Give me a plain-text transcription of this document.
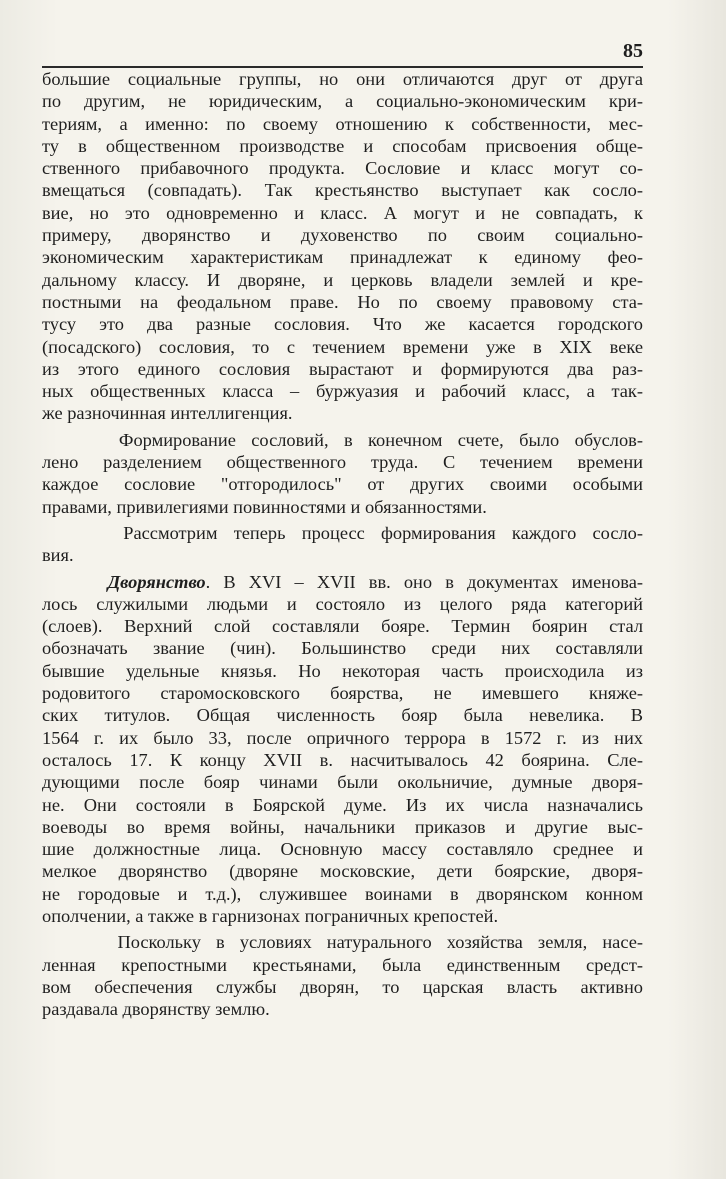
85
большие социальные группы, но они отличаются друг от друга
по другим, не юридическим, а социально-экономическим кри-
териям, а именно: по своему отношению к собственности, мес-
ту в общественном производстве и способам присвоения обще-
ственного прибавочного продукта. Сословие и класс могут со-
вмещаться (совпадать). Так крестьянство выступает как сосло-
вие, но это одновременно и класс. А могут и не совпадать, к
примеру, дворянство и духовенство по своим социально-
экономическим характеристикам принадлежат к единому фео-
дальному классу. И дворяне, и церковь владели землей и кре-
постными на феодальном праве. Но по своему правовому ста-
тусу это два разные сословия. Что же касается городского
(посадского) сословия, то с течением времени уже в XIX веке
из этого единого сословия вырастают и формируются два раз-
ных общественных класса – буржуазия и рабочий класс, а так-
же разночинная интеллигенция.
Формирование сословий, в конечном счете, было обуслов-
лено разделением общественного труда. С течением времени
каждое сословие "отгородилось" от других своими особыми
правами, привилегиями повинностями и обязанностями.
Рассмотрим теперь процесс формирования каждого сосло-
вия.
Дворянство. В XVI – XVII вв. оно в документах именова-
лось служилыми людьми и состояло из целого ряда категорий
(слоев). Верхний слой составляли бояре. Термин боярин стал
обозначать звание (чин). Большинство среди них составляли
бывшие удельные князья. Но некоторая часть происходила из
родовитого старомосковского боярства, не имевшего княже-
ских титулов. Общая численность бояр была невелика. В
1564 г. их было 33, после опричного террора в 1572 г. из них
осталось 17. К концу XVII в. насчитывалось 42 боярина. Сле-
дующими после бояр чинами были окольничие, думные дворя-
не. Они состояли в Боярской думе. Из их числа назначались
воеводы во время войны, начальники приказов и другие выс-
шие должностные лица. Основную массу составляло среднее и
мелкое дворянство (дворяне московские, дети боярские, дворя-
не городовые и т.д.), служившее воинами в дворянском конном
ополчении, а также в гарнизонах пограничных крепостей.
Поскольку в условиях натурального хозяйства земля, насе-
ленная крепостными крестьянами, была единственным средст-
вом обеспечения службы дворян, то царская власть активно
раздавала дворянству землю.
